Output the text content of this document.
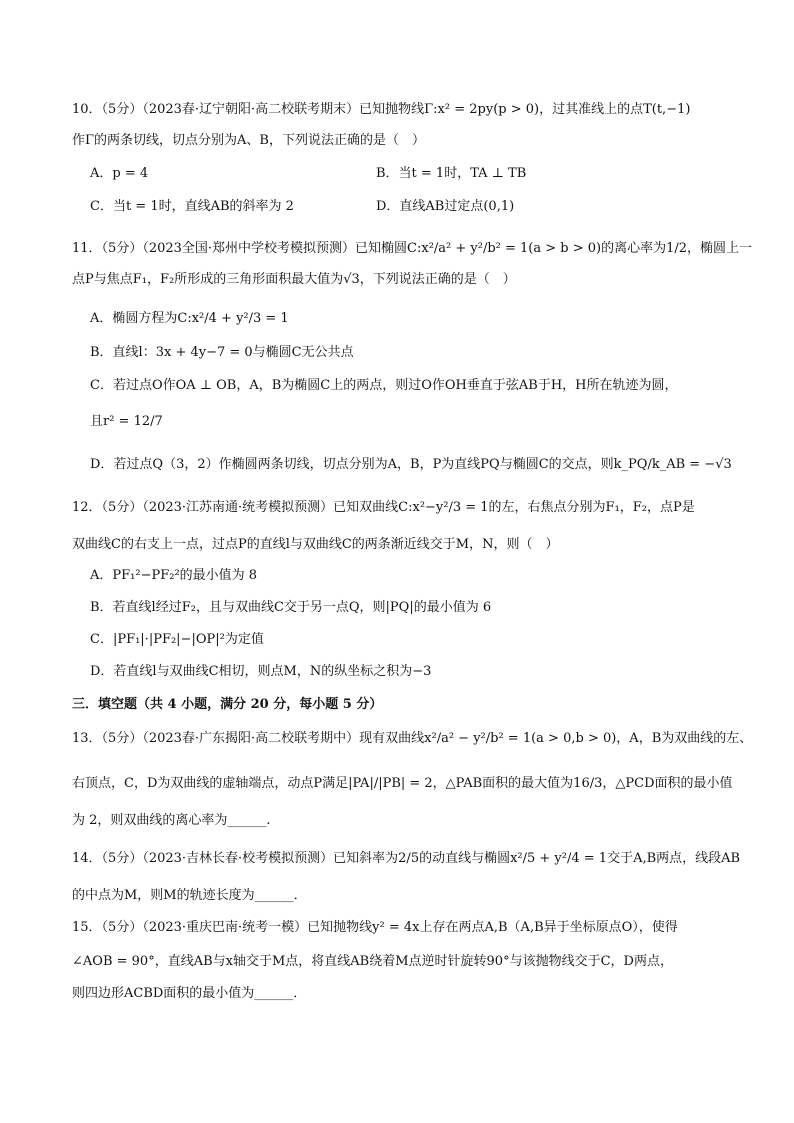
10．（5分）（2023春·辽宁朝阳·高二校联考期末）已知抛物线Γ:x² = 2py(p > 0)，过其准线上的点T(t,−1)
作Γ的两条切线，切点分别为A、B，下列说法正确的是（　）
A．p = 4	B．当t = 1时，TA ⊥ TB
C．当t = 1时，直线AB的斜率为 2	D．直线AB过定点(0,1)
11．（5分）（2023全国·郑州中学校考模拟预测）已知椭圆C:x²/a² + y²/b² = 1(a > b > 0)的离心率为1/2，椭圆上一
点P与焦点F₁，F₂所形成的三角形面积最大值为√3，下列说法正确的是（　）
A．椭圆方程为C:x²/4 + y²/3 = 1
B．直线l：3x + 4y−7 = 0与椭圆C无公共点
C．若过点O作OA ⊥ OB，A，B为椭圆C上的两点，则过O作OH垂直于弦AB于H，H所在轨迹为圆，
且r² = 12/7
D．若过点Q（3，2）作椭圆两条切线，切点分别为A，B，P为直线PQ与椭圆C的交点，则k_PQ/k_AB = −√3
12．（5分）（2023·江苏南通·统考模拟预测）已知双曲线C:x²−y²/3 = 1的左，右焦点分别为F₁，F₂，点P是
双曲线C的右支上一点，过点P的直线l与双曲线C的两条渐近线交于M，N，则（　）
A．PF₁²−PF₂²的最小值为 8
B．若直线l经过F₂，且与双曲线C交于另一点Q，则|PQ|的最小值为 6
C．|PF₁|·|PF₂|−|OP|²为定值
D．若直线l与双曲线C相切，则点M，N的纵坐标之积为−3
三．填空题（共 4 小题，满分 20 分，每小题 5 分）
13．（5分）（2023春·广东揭阳·高二校联考期中）现有双曲线x²/a² − y²/b² = 1(a > 0,b > 0)，A，B为双曲线的左、
右顶点，C，D为双曲线的虚轴端点，动点P满足|PA|/|PB| = 2，△PAB面积的最大值为16/3，△PCD面积的最小值
为 2，则双曲线的离心率为______.
14．（5分）（2023·吉林长春·校考模拟预测）已知斜率为2/5的动直线与椭圆x²/5 + y²/4 = 1交于A,B两点，线段AB
的中点为M，则M的轨迹长度为______．
15．（5分）（2023·重庆巴南·统考一模）已知抛物线y² = 4x上存在两点A,B（A,B异于坐标原点O），使得
∠AOB = 90°，直线AB与x轴交于M点，将直线AB绕着M点逆时针旋转90°与该抛物线交于C，D两点，
则四边形ACBD面积的最小值为______．
